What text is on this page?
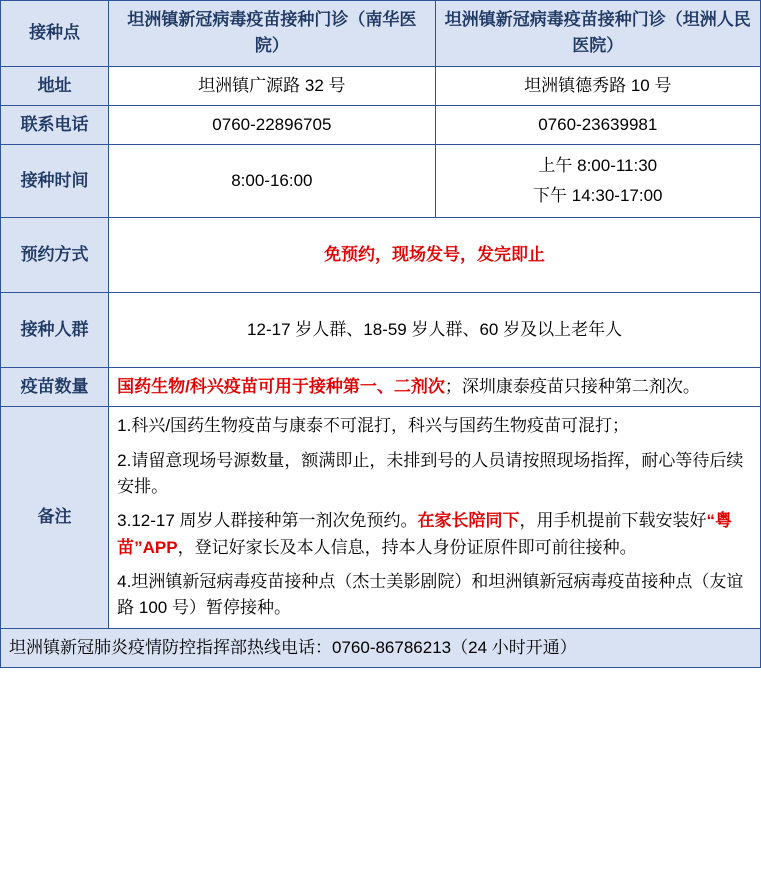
接种点	坦洲镇新冠病毒疫苗接种门诊（南华医院）	坦洲镇新冠病毒疫苗接种门诊（坦洲人民医院）
地址	坦洲镇广源路 32 号	坦洲镇德秀路 10 号
联系电话	0760-22896705	0760-23639981
接种时间	8:00-16:00	上午 8:00-11:30
下午 14:30-17:00

预约方式	免预约，现场发号，发完即止	
接种人群	12-17 岁人群、18-59 岁人群、60 岁及以上老年人	
疫苗数量	国药生物/科兴疫苗可用于接种第一、二剂次；深圳康泰疫苗只接种第二剂次。	
备注	1.科兴/国药生物疫苗与康泰不可混打，科兴与国药生物疫苗可混打；

2.请留意现场号源数量，额满即止，未排到号的人员请按照现场指挥，耐心等待后续安排。

3.12-17 周岁人群接种第一剂次免预约。在家长陪同下，用手机提前下载安装好“粤苗”APP，登记好家长及本人信息，持本人身份证原件即可前往接种。

4.坦洲镇新冠病毒疫苗接种点（杰士美影剧院）和坦洲镇新冠病毒疫苗接种点（友谊路 100 号）暂停接种。	

坦洲镇新冠肺炎疫情防控指挥部热线电话：0760-86786213（24 小时开通）		
